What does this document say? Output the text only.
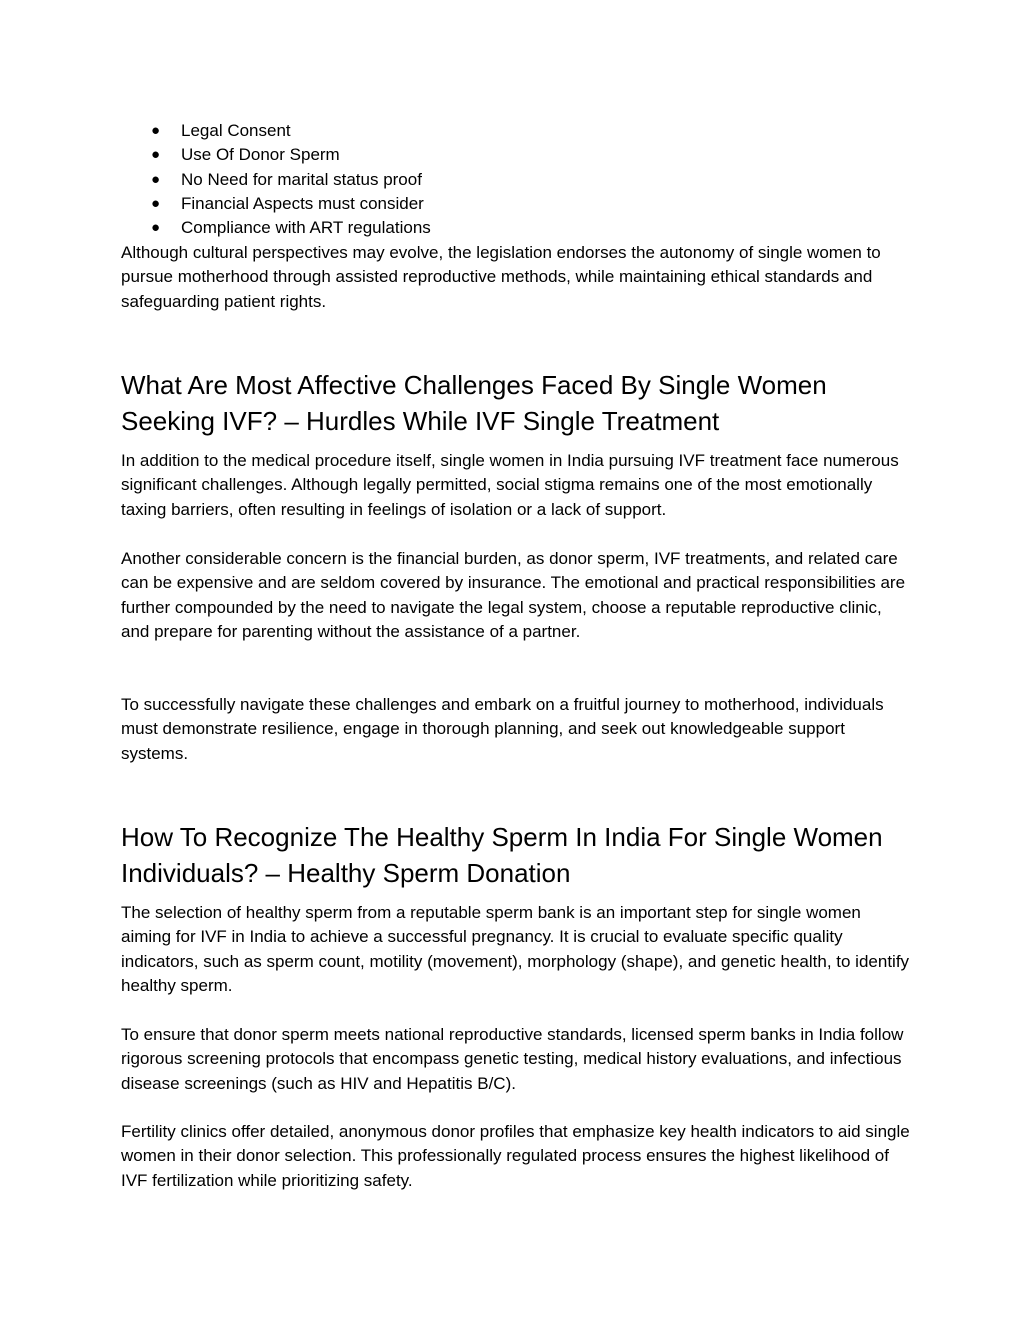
● Legal Consent
● Use Of Donor Sperm
● No Need for marital status proof
● Financial Aspects must consider
● Compliance with ART regulations

Although cultural perspectives may evolve, the legislation endorses the autonomy of single women to pursue motherhood through assisted reproductive methods, while maintaining ethical standards and safeguarding patient rights.

What Are Most Affective Challenges Faced By Single Women Seeking IVF? – Hurdles While IVF Single Treatment

In addition to the medical procedure itself, single women in India pursuing IVF treatment face numerous significant challenges. Although legally permitted, social stigma remains one of the most emotionally taxing barriers, often resulting in feelings of isolation or a lack of support.

Another considerable concern is the financial burden, as donor sperm, IVF treatments, and related care can be expensive and are seldom covered by insurance. The emotional and practical responsibilities are further compounded by the need to navigate the legal system, choose a reputable reproductive clinic, and prepare for parenting without the assistance of a partner.

To successfully navigate these challenges and embark on a fruitful journey to motherhood, individuals must demonstrate resilience, engage in thorough planning, and seek out knowledgeable support systems.

How To Recognize The Healthy Sperm In India For Single Women Individuals? – Healthy Sperm Donation

The selection of healthy sperm from a reputable sperm bank is an important step for single women aiming for IVF in India to achieve a successful pregnancy. It is crucial to evaluate specific quality indicators, such as sperm count, motility (movement), morphology (shape), and genetic health, to identify healthy sperm.

To ensure that donor sperm meets national reproductive standards, licensed sperm banks in India follow rigorous screening protocols that encompass genetic testing, medical history evaluations, and infectious disease screenings (such as HIV and Hepatitis B/C).

Fertility clinics offer detailed, anonymous donor profiles that emphasize key health indicators to aid single women in their donor selection. This professionally regulated process ensures the highest likelihood of IVF fertilization while prioritizing safety.
